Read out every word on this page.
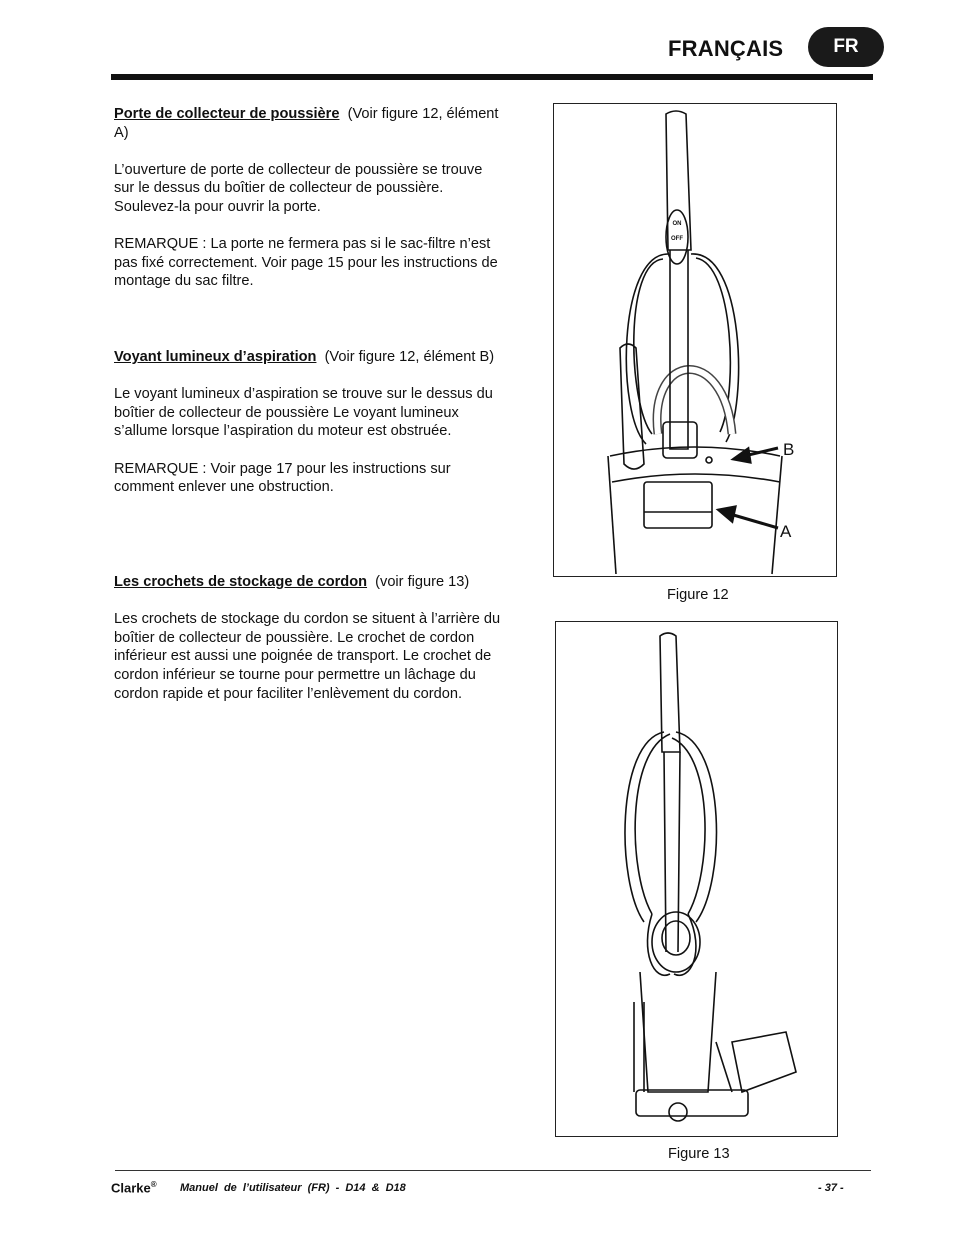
FRANÇAIS	FR

Porte de collecteur de poussière (Voir figure 12, élément A)

L’ouverture de porte de collecteur de poussière se trouve sur le dessus du boîtier de collecteur de poussière. Soulevez-la pour ouvrir la porte.

REMARQUE : La porte ne fermera pas si le sac-filtre n’est pas fixé correctement. Voir page 15 pour les instructions de montage du sac filtre.

Voyant lumineux d’aspiration (Voir figure 12, élément B)

Le voyant lumineux d’aspiration se trouve sur le dessus du boîtier de collecteur de poussière Le voyant lumineux s’allume lorsque l’aspiration du moteur est obstruée.

REMARQUE : Voir page 17 pour les instructions sur comment enlever une obstruction.

Les crochets de stockage de cordon (voir figure 13)

Les crochets de stockage du cordon se situent à l’arrière du boîtier de collecteur de poussière. Le crochet de cordon inférieur est aussi une poignée de transport. Le crochet de cordon inférieur se tourne pour permettre un lâchage du cordon rapide et pour faciliter l’enlèvement du cordon.

ON
OFF
B
A
Figure 12
Figure 13
Clarke® Manuel de l’utilisateur (FR) - D14 & D18	- 37 -
